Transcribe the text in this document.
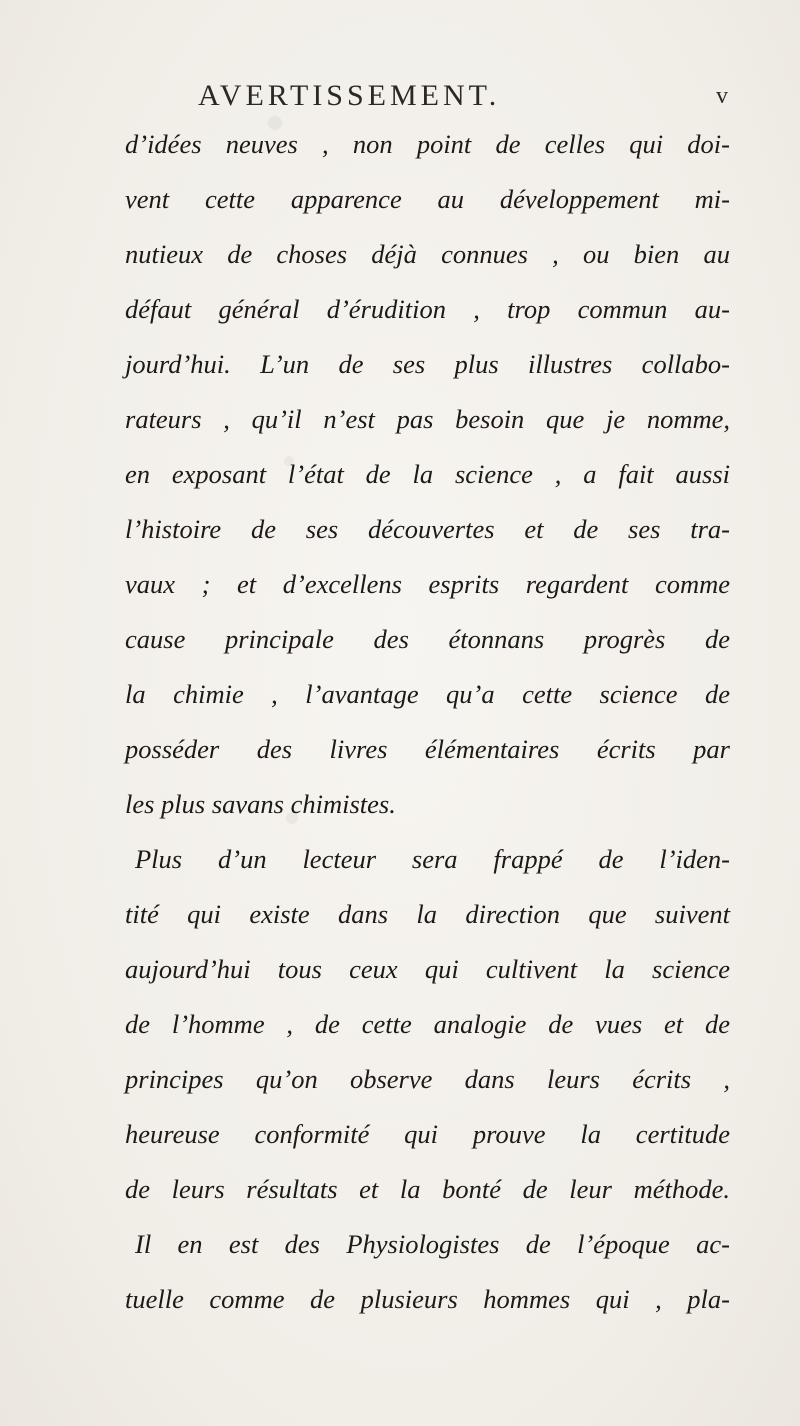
AVERTISSEMENT.	v
d’idées neuves , non point de celles qui doi-
vent cette apparence au développement mi-
nutieux de choses déjà connues , ou bien au
défaut général d’érudition , trop commun au-
jourd’hui. L’un de ses plus illustres collabo-
rateurs , qu’il n’est pas besoin que je nomme,
en exposant l’état de la science , a fait aussi
l’histoire de ses découvertes et de ses tra-
vaux ; et d’excellens esprits regardent comme
cause principale des étonnans progrès de
la chimie , l’avantage qu’a cette science de
posséder des livres élémentaires écrits par
les plus savans chimistes.
Plus d’un lecteur sera frappé de l’iden-
tité qui existe dans la direction que suivent
aujourd’hui tous ceux qui cultivent la science
de l’homme , de cette analogie de vues et de
principes qu’on observe dans leurs écrits ,
heureuse conformité qui prouve la certitude
de leurs résultats et la bonté de leur méthode.
Il en est des Physiologistes de l’époque ac-
tuelle comme de plusieurs hommes qui , pla-
